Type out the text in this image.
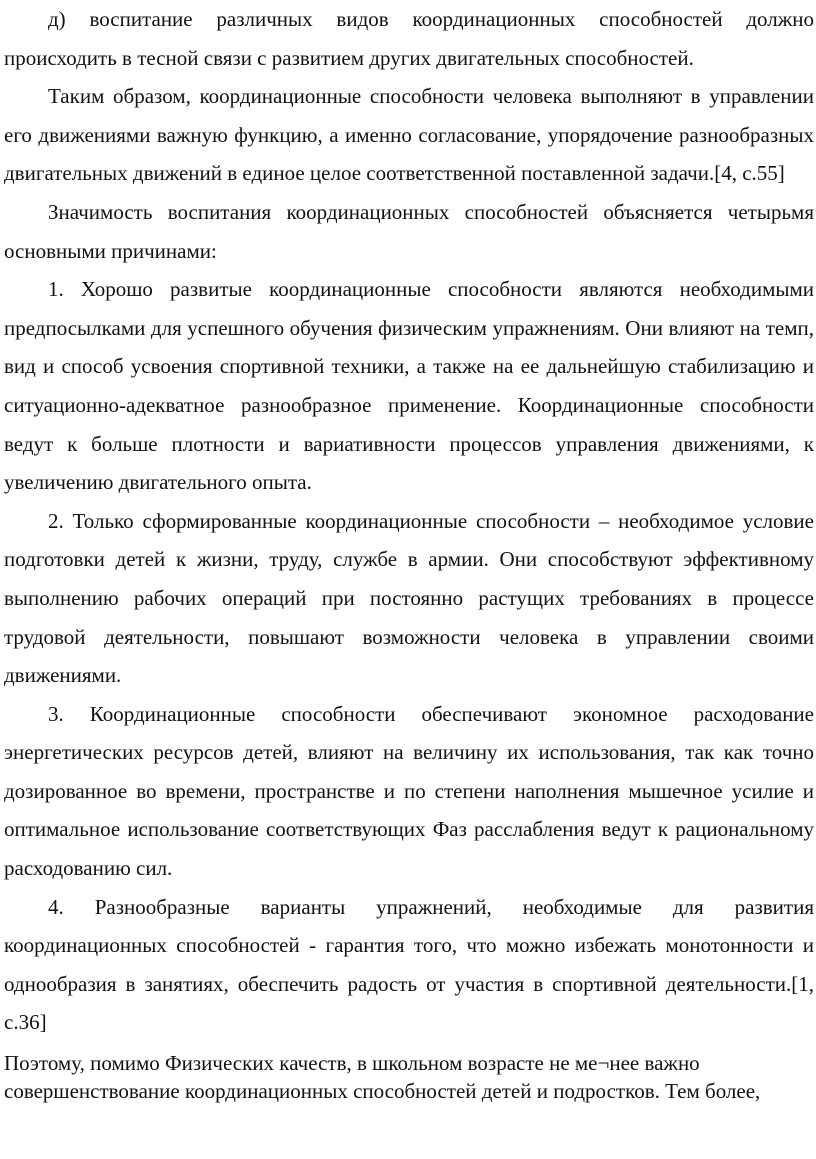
д) воспитание различных видов координационных способностей должно происходить в тесной связи с развитием других двигательных способностей.

Таким образом, координационные способности человека выполняют в управлении его движениями важную функцию, а именно согласование, упорядочение разнообразных двигательных движений в единое целое соответственной поставленной задачи.[4, с.55]

Значимость воспитания координационных способностей объясняется четырьмя основными причинами:

1. Хорошо развитые координационные способности являются необходимыми предпосылками для успешного обучения физическим упражнениям. Они влияют на темп, вид и способ усвоения спортивной техники, а также на ее дальнейшую стабилизацию и ситуационно-адекватное разнообразное применение. Координационные способности ведут к больше плотности и вариативности процессов управления движениями, к увеличению двигательного опыта.

2. Только сформированные координационные способности – необходимое условие подготовки детей к жизни, труду, службе в армии. Они способствуют эффективному выполнению рабочих операций при постоянно растущих требованиях в процессе трудовой деятельности, повышают возможности человека в управлении своими движениями.

3. Координационные способности обеспечивают экономное расходование энергетических ресурсов детей, влияют на величину их использования, так как точно дозированное во времени, пространстве и по степени наполнения мышечное усилие и оптимальное использование соответствующих Фаз расслабления ведут к рациональному расходованию сил.

4. Разнообразные варианты упражнений, необходимые для развития координационных способностей - гарантия того, что можно избежать монотонности и однообразия в занятиях, обеспечить радость от участия в спортивной деятельности.[1, с.36]

Поэтому, помимо Физических качеств, в школьном возрасте не ме¬нее важно совершенствование координационных способностей детей и подростков. Тем более,
